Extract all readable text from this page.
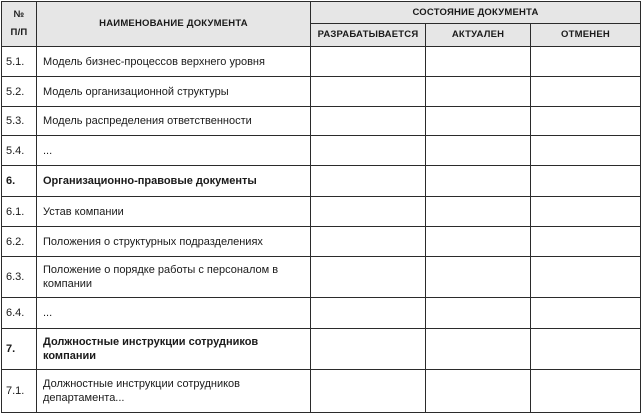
№
П/П	НАИМЕНОВАНИЕ ДОКУМЕНТА	СОСТОЯНИЕ ДОКУМЕНТА		
		РАЗРАБАТЫВАЕТСЯ	АКТУАЛЕН	ОТМЕНЕН
5.1.	Модель бизнес-процессов верхнего уровня			
5.2.	Модель организационной структуры			
5.3.	Модель распределения ответственности			
5.4.	...			
6.	Организационно-правовые документы			
6.1.	Устав компании			
6.2.	Положения о структурных подразделениях			
6.3.	Положение о порядке работы с персоналом в компании			
6.4.	...			
7.	Должностные инструкции сотрудников компании			
7.1.	Должностные инструкции сотрудников департамента...			
